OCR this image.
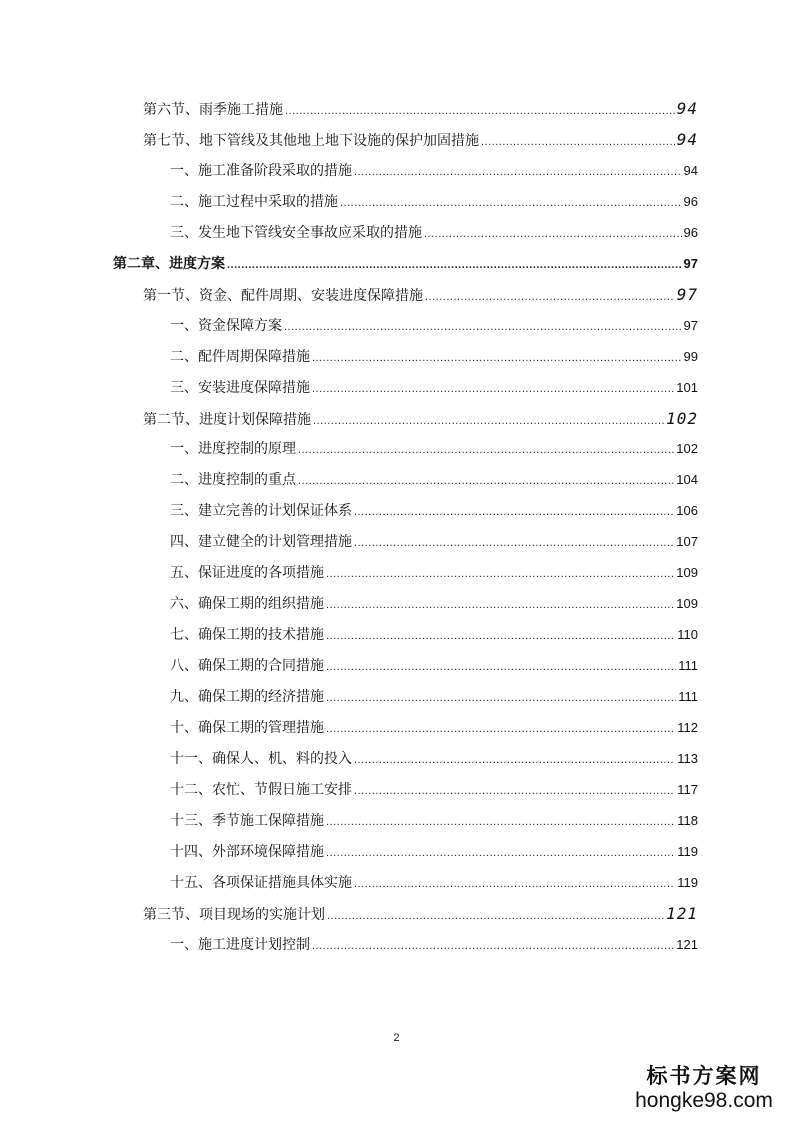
第六节、雨季施工措施 .....	94
第七节、地下管线及其他地上地下设施的保护加固措施 .....	94
一、 施工准备阶段采取的措施 .....	94
二、 施工过程中采取的措施 .....	96
三、 发生地下管线安全事故应采取的措施 .....	96
第二章、进度方案 .....	97
第一节、资金、配件周期、安装进度保障措施 .....	97
一、资金保障方案 .....	97
二、 配件周期保障措施 .....	99
三、 安装进度保障措施 .....	101
第二节、进度计划保障措施 .....	102
一、 进度控制的原理 .....	102
二、 进度控制的重点 .....	104
三、 建立完善的计划保证体系 .....	106
四、 建立健全的计划管理措施 .....	107
五、 保证进度的各项措施 .....	109
六、 确保工期的组织措施 .....	109
七、 确保工期的技术措施 .....	110
八、 确保工期的合同措施 .....	111
九、 确保工期的经济措施 .....	111
十、 确保工期的管理措施 .....	112
十一、 确保人、机、料的投入 .....	113
十二、 农忙、节假日施工安排 .....	117
十三、 季节施工保障措施 .....	118
十四、 外部环境保障措施 .....	119
十五、 各项保证措施具体实施 .....	119
第三节、项目现场的实施计划 .....	121
一、 施工进度计划控制 .....	121
2
标书方案网
hongke98.com
